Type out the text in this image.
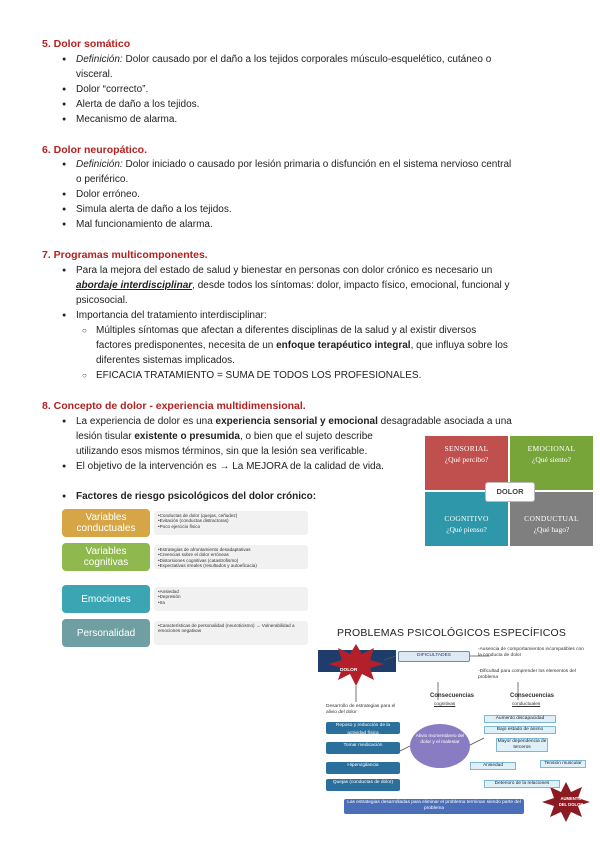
5. Dolor somático
● Definición: Dolor causado por el daño a los tejidos corporales músculo-esquelético, cutáneo o
visceral.
● Dolor “correcto”.
● Alerta de daño a los tejidos.
● Mecanismo de alarma.
6. Dolor neuropático.
● Definición: Dolor iniciado o causado por lesión primaria o disfunción en el sistema nervioso central
o periférico.
● Dolor erróneo.
● Simula alerta de daño a los tejidos.
● Mal funcionamiento de alarma.
7. Programas multicomponentes.
● Para la mejora del estado de salud y bienestar en personas con dolor crónico es necesario un
abordaje interdisciplinar, desde todos los síntomas: dolor, impacto físico, emocional, funcional y
psicosocial.
● Importancia del tratamiento interdisciplinar:
○ Múltiples síntomas que afectan a diferentes disciplinas de la salud y al existir diversos
factores predisponentes, necesita de un enfoque terapéutico integral, que influya sobre los
diferentes sistemas implicados.
○ EFICACIA TRATAMIENTO = SUMA DE TODOS LOS PROFESIONALES.
8. Concepto de dolor - experiencia multidimensional.
● La experiencia de dolor es una experiencia sensorial y emocional desagradable asociada a una
lesión tisular existente o presumida, o bien que el sujeto describe
utilizando esos mismos términos, sin que la lesión sea verificable.
● El objetivo de la intervención es → La MEJORA de la calidad de vida.
● Factores de riesgo psicológicos del dolor crónico:
SENSORIAL
¿Qué percibo?
EMOCIONAL
¿Qué siento?
COGNITIVO
¿Qué pienso?
CONDUCTUAL
¿Qué hago?
DOLOR
Variables conductuales
• Conductas de dolor (quejas, ceñudez)
• Evitación (conductas distractoras)
• Poco ejercicio físico
Variables cognitivas
• Estrategias de afrontamiento desadaptativas
• Creencias sobre el dolor erróneas
• Distorsiones cognitivas (catastrofismo)
• Expectativas irreales (resultados y autoeficacia)
Emociones
• Ansiedad
• Depresión
• Ira
Personalidad
• Características de personalidad (neuroticismo) → Vulnerabilidad a emociones negativas	PROBLEMAS PSICOLÓGICOS ESPECÍFICOS
DOLOR
DIFICULTADES
-Ausencia de comportamientos incompatibles con la conducta de dolor
-Dificultad para comprender los elementos del problema
Consecuencias
cognitivas
Consecuencias
conductuales
Desarrollo de estrategias para el alivio del dolor
Reposo y reducción de la actividad física
Tomar medicación
Hipervigilancia
Quejas (conductas de dolor)
Alivio momentáneo del dolor y el malestar
Aumento discapacidad
Bajo estado de ánimo
Mayor dependencia de terceros
Ansiedad	Tensión muscular
Deterioro de la relaciones
Las estrategias desarrolladas para eliminar el problema terminan siendo parte del problema
AUMENTO DEL DOLOR
